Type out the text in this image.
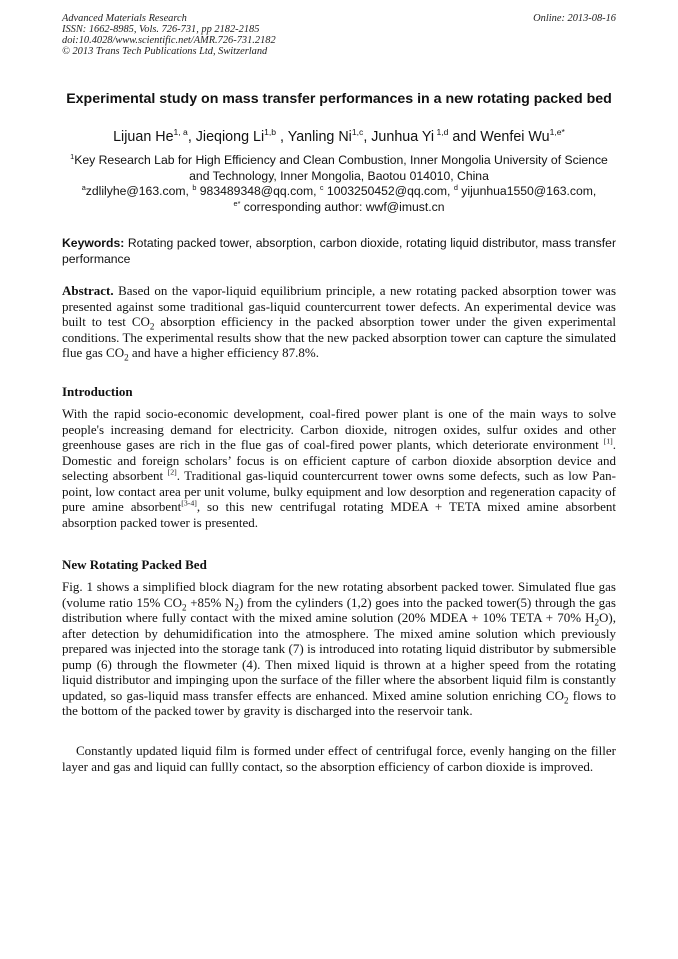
Advanced Materials Research
ISSN: 1662-8985, Vols. 726-731, pp 2182-2185
doi:10.4028/www.scientific.net/AMR.726-731.2182
© 2013 Trans Tech Publications Ltd, Switzerland
Online: 2013-08-16
Experimental study on mass transfer performances in a new rotating packed bed
Lijuan He$^{1, a}$, Jieqiong Li$^{1,b}$ , Yanling Ni$^{1,c}$, Junhua Yi $^{1,d}$ and Wenfei $Wu^{1,e*}$
$^1$Key Research Lab for High Efficiency and Clean Combustion, Inner Mongolia University of Science
and Technology, Inner Mongolia, Baotou 014010, China
$^a$zdlilyhe@163.com, $^b$ 983489348@qq.com, $^c$ 1003250452@qq.com, $^d$ yijunhua1550@163.com,
$^{e*}$ corresponding author: wwf@imust.cn
Keywords: Rotating packed tower, absorption, carbon dioxide, rotating liquid distributor, mass transfer performance
Abstract. Based on the vapor-liquid equilibrium principle, a new rotating packed absorption tower was presented against some traditional gas-liquid countercurrent tower defects. An experimental device was built to test $CO_2$ absorption efficiency in the packed absorption tower under the given experimental conditions. The experimental results show that the new packed absorption tower can capture the simulated flue gas $CO_2$ and have a higher efficiency 87.8%.
Introduction
With the rapid socio-economic development, coal-fired power plant is one of the main ways to solve people's increasing demand for electricity. Carbon dioxide, nitrogen oxides, sulfur oxides and other greenhouse gases are rich in the flue gas of coal-fired power plants, which deteriorate environment [1]. Domestic and foreign scholars’ focus is on efficient capture of carbon dioxide absorption device and selecting absorbent [2]. Traditional gas-liquid countercurrent tower owns some defects, such as low Pan-point, low contact area per unit volume, bulky equipment and low desorption and regeneration capacity of pure amine absorbent[3-4], so this new centrifugal rotating MDEA + TETA mixed amine absorbent absorption packed tower is presented.
New Rotating Packed Bed
Fig. 1 shows a simplified block diagram for the new rotating absorbent packed tower. Simulated flue gas (volume ratio 15% $CO_2 +85\%$ $N_2$) from the cylinders (1,2) goes into the packed tower(5) through the gas distribution where fully contact with the mixed amine solution (20% MDEA + 10% TETA + 70% $H_2O$), after detection by dehumidification into the atmosphere. The mixed amine solution which previously prepared was injected into the storage tank (7) is introduced into rotating liquid distributor by submersible pump (6) through the flowmeter (4). Then mixed liquid is thrown at a higher speed from the rotating liquid distributor and impinging upon the surface of the filler where the absorbent liquid film is constantly updated, so gas-liquid mass transfer effects are enhanced. Mixed amine solution enriching $CO_2$ flows to the bottom of the packed tower by gravity is discharged into the reservoir tank.
Constantly updated liquid film is formed under effect of centrifugal force, evenly hanging on the filler layer and gas and liquid can fullly contact, so the absorption efficiency of carbon dioxide is improved.
